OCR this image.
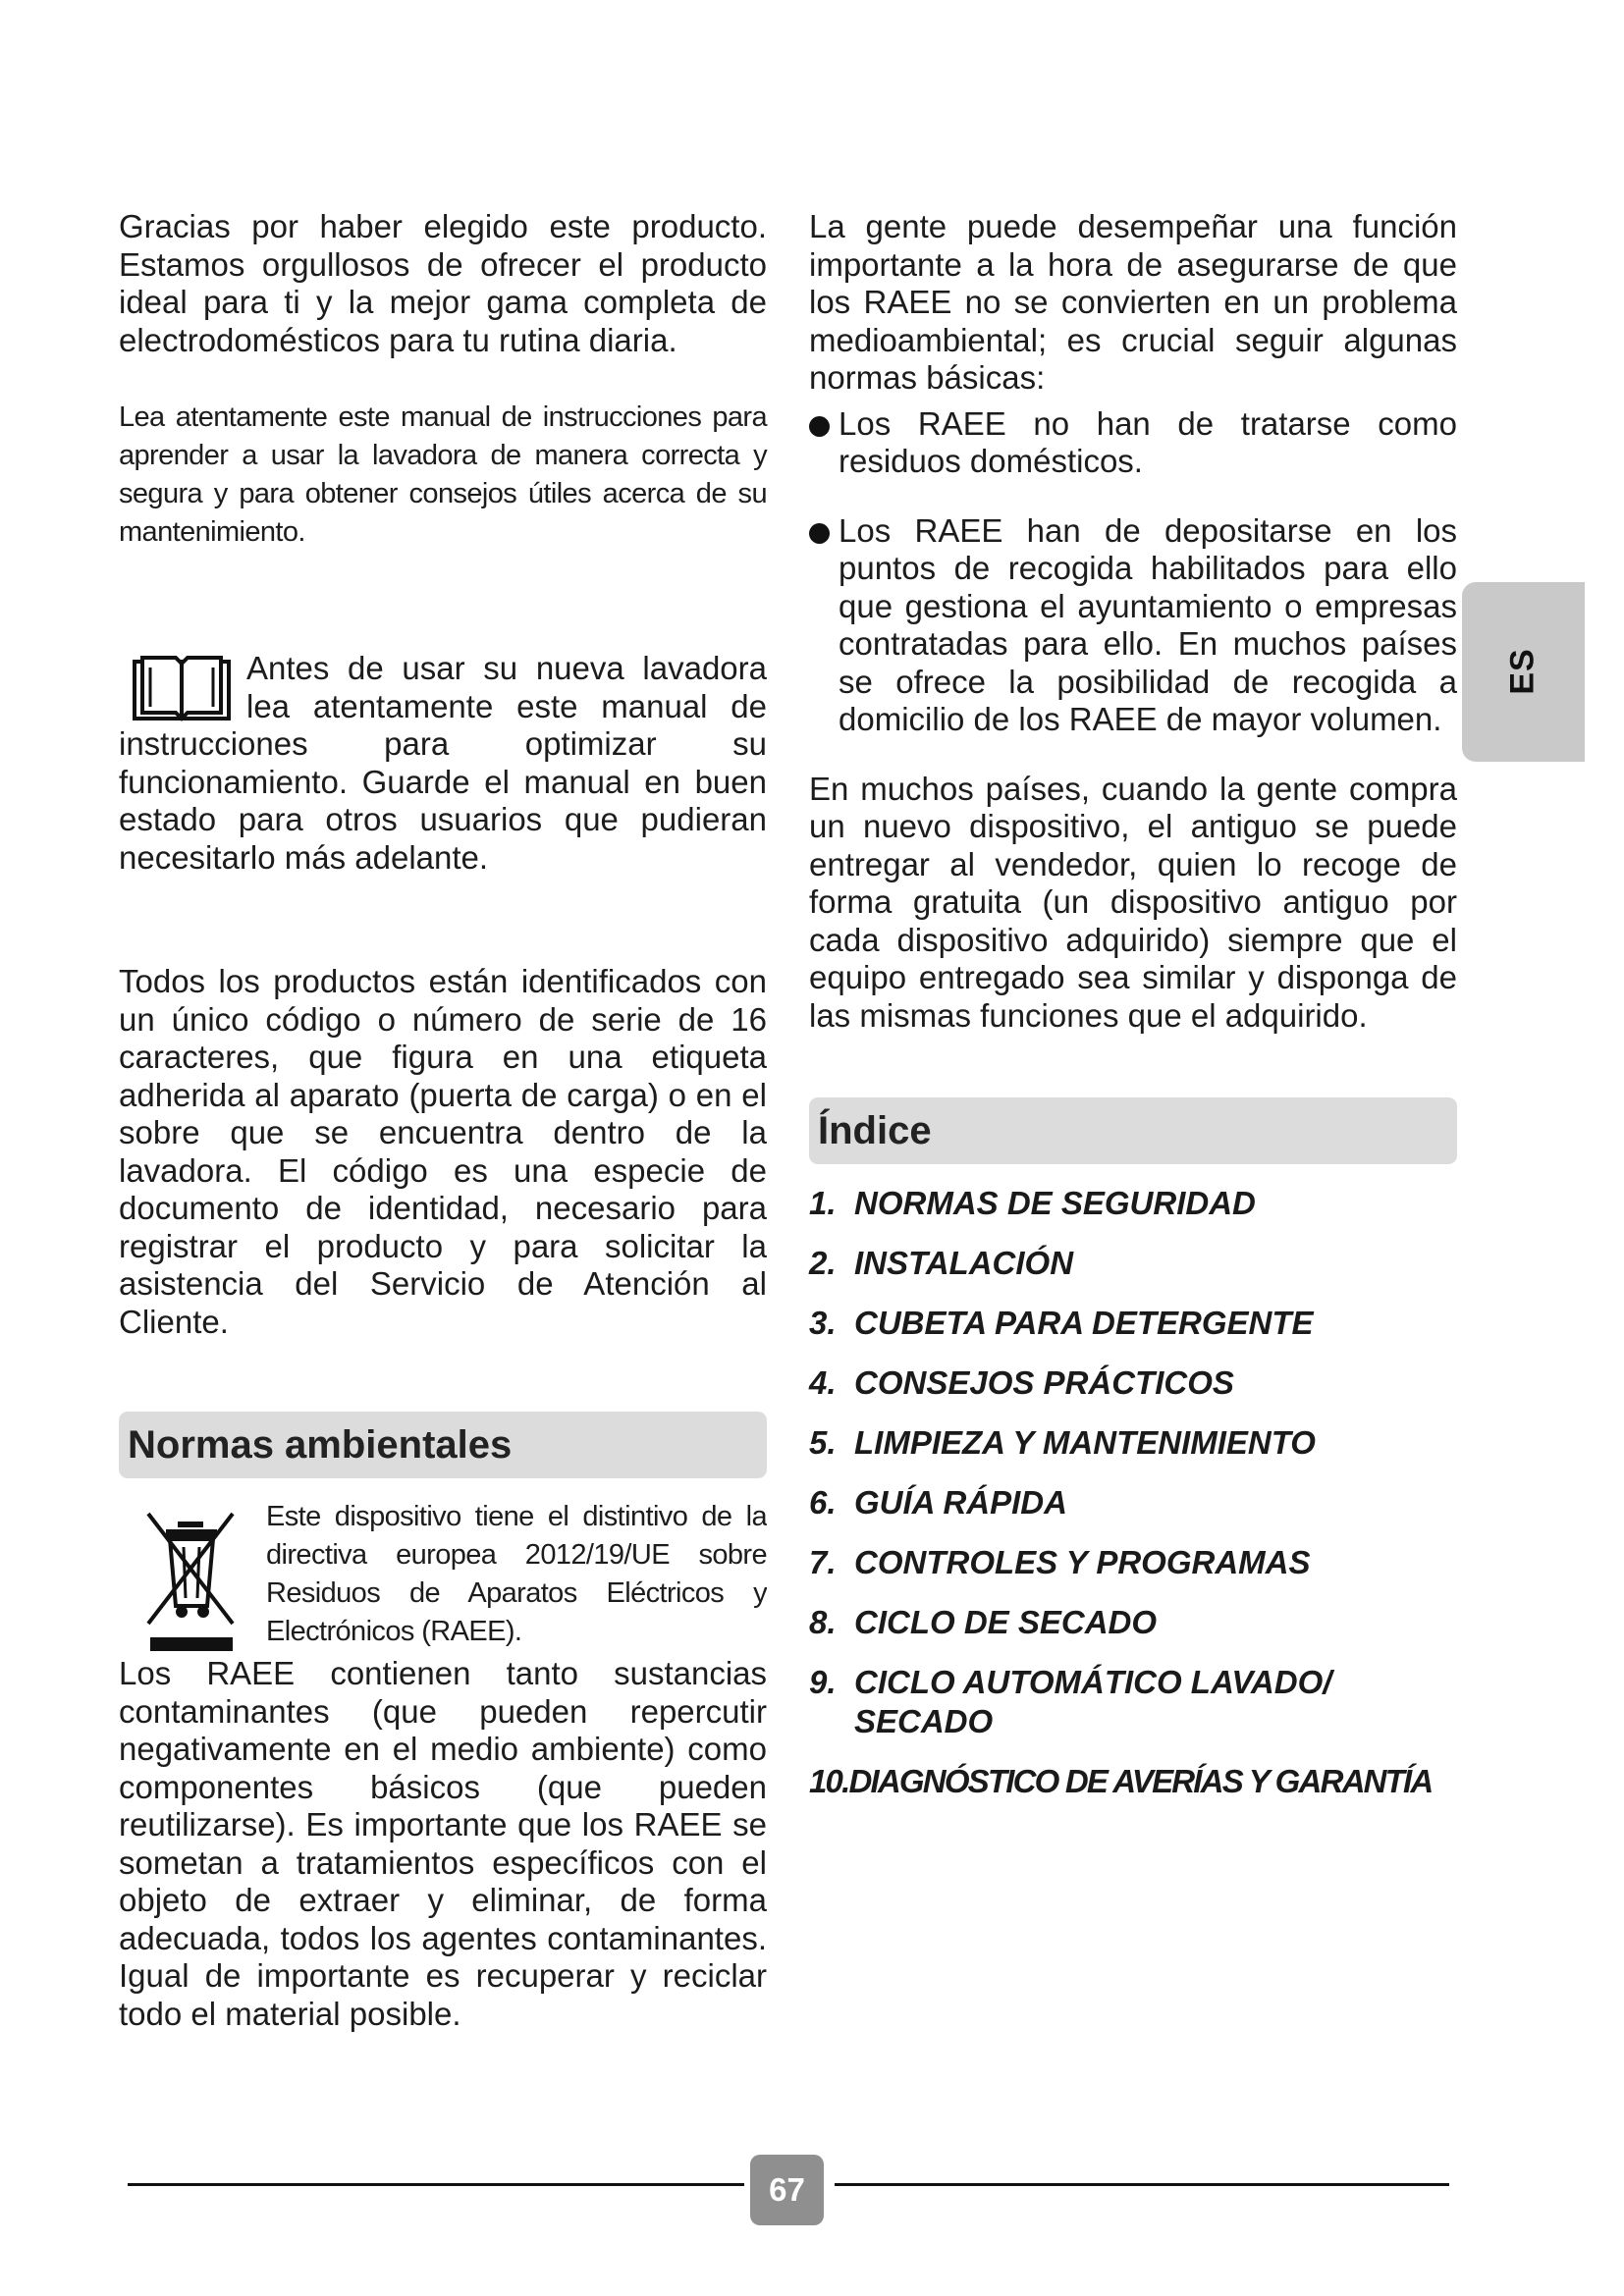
Gracias por haber elegido este producto. Estamos orgullosos de ofrecer el producto ideal para ti y la mejor gama completa de electrodomésticos para tu rutina diaria.

Lea atentamente este manual de instrucciones para aprender a usar la lavadora de manera correcta y segura y para obtener consejos útiles acerca de su mantenimiento.

Antes de usar su nueva lavadora lea atentamente este manual de instrucciones para optimizar su funcionamiento. Guarde el manual en buen estado para otros usuarios que pudieran necesitarlo más adelante.

Todos los productos están identificados con un único código o número de serie de 16 caracteres, que figura en una etiqueta adherida al aparato (puerta de carga) o en el sobre que se encuentra dentro de la lavadora. El código es una especie de documento de identidad, necesario para registrar el producto y para solicitar la asistencia del Servicio de Atención al Cliente.

Normas ambientales

Este dispositivo tiene el distintivo de la directiva europea 2012/19/UE sobre Residuos de Aparatos Eléctricos y Electrónicos (RAEE).

Los RAEE contienen tanto sustancias contaminantes (que pueden repercutir negativamente en el medio ambiente) como componentes básicos (que pueden reutilizarse). Es importante que los RAEE se sometan a tratamientos específicos con el objeto de extraer y eliminar, de forma adecuada, todos los agentes contaminantes. Igual de importante es recuperar y reciclar todo el material posible.

La gente puede desempeñar una función importante a la hora de asegurarse de que los RAEE no se convierten en un problema medioambiental; es crucial seguir algunas normas básicas:

Los RAEE no han de tratarse como residuos domésticos.

Los RAEE han de depositarse en los puntos de recogida habilitados para ello que gestiona el ayuntamiento o empresas contratadas para ello. En muchos países se ofrece la posibilidad de recogida a domicilio de los RAEE de mayor volumen.

En muchos países, cuando la gente compra un nuevo dispositivo, el antiguo se puede entregar al vendedor, quien lo recoge de forma gratuita (un dispositivo antiguo por cada dispositivo adquirido) siempre que el equipo entregado sea similar y disponga de las mismas funciones que el adquirido.

Índice
1. NORMAS DE SEGURIDAD
2. INSTALACIÓN
3. CUBETA PARA DETERGENTE
4. CONSEJOS PRÁCTICOS
5. LIMPIEZA Y MANTENIMIENTO
6. GUÍA RÁPIDA
7. CONTROLES Y PROGRAMAS
8. CICLO DE SECADO
9. CICLO AUTOMÁTICO LAVADO/ SECADO
10. DIAGNÓSTICO DE AVERÍAS Y GARANTÍA
ES
67
